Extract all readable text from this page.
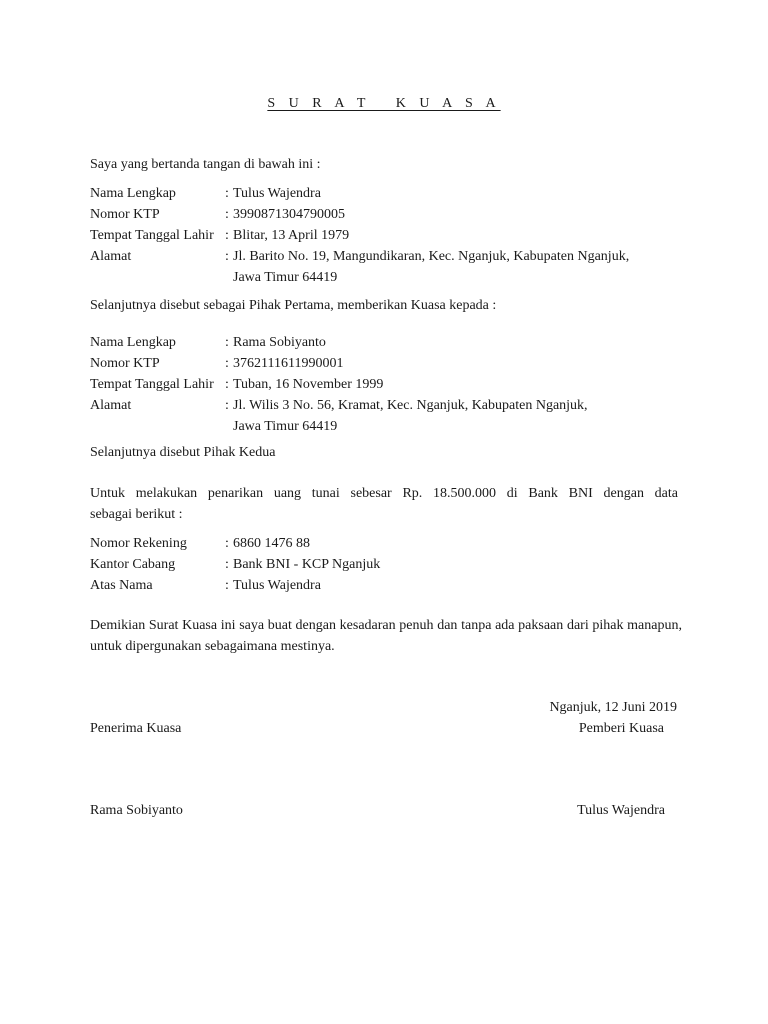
S U R A T   K U A S A
Saya yang bertanda tangan di bawah ini :
Nama Lengkap	: Tulus Wajendra
Nomor KTP	: 3990871304790005
Tempat Tanggal Lahir : Blitar, 13 April 1979
Alamat	: Jl. Barito No. 19, Mangundikaran, Kec. Nganjuk, Kabupaten Nganjuk,
Jawa Timur 64419
Selanjutnya disebut sebagai Pihak Pertama, memberikan Kuasa kepada :
Nama Lengkap	: Rama Sobiyanto
Nomor KTP	: 3762111611990001
Tempat Tanggal Lahir : Tuban, 16 November 1999
Alamat	: Jl. Wilis 3 No. 56, Kramat, Kec. Nganjuk, Kabupaten Nganjuk,
Jawa Timur 64419
Selanjutnya disebut Pihak Kedua
Untuk melakukan penarikan uang tunai sebesar Rp. 18.500.000 di Bank BNI dengan data
sebagai berikut :
Nomor Rekening	: 6860 1476 88
Kantor Cabang	: Bank BNI - KCP Nganjuk
Atas Nama	: Tulus Wajendra
Demikian Surat Kuasa ini saya buat dengan kesadaran penuh dan tanpa ada paksaan dari pihak manapun, untuk dipergunakan sebagaimana mestinya.
Nganjuk, 12 Juni 2019
Penerima Kuasa	Pemberi Kuasa
Rama Sobiyanto	Tulus Wajendra
